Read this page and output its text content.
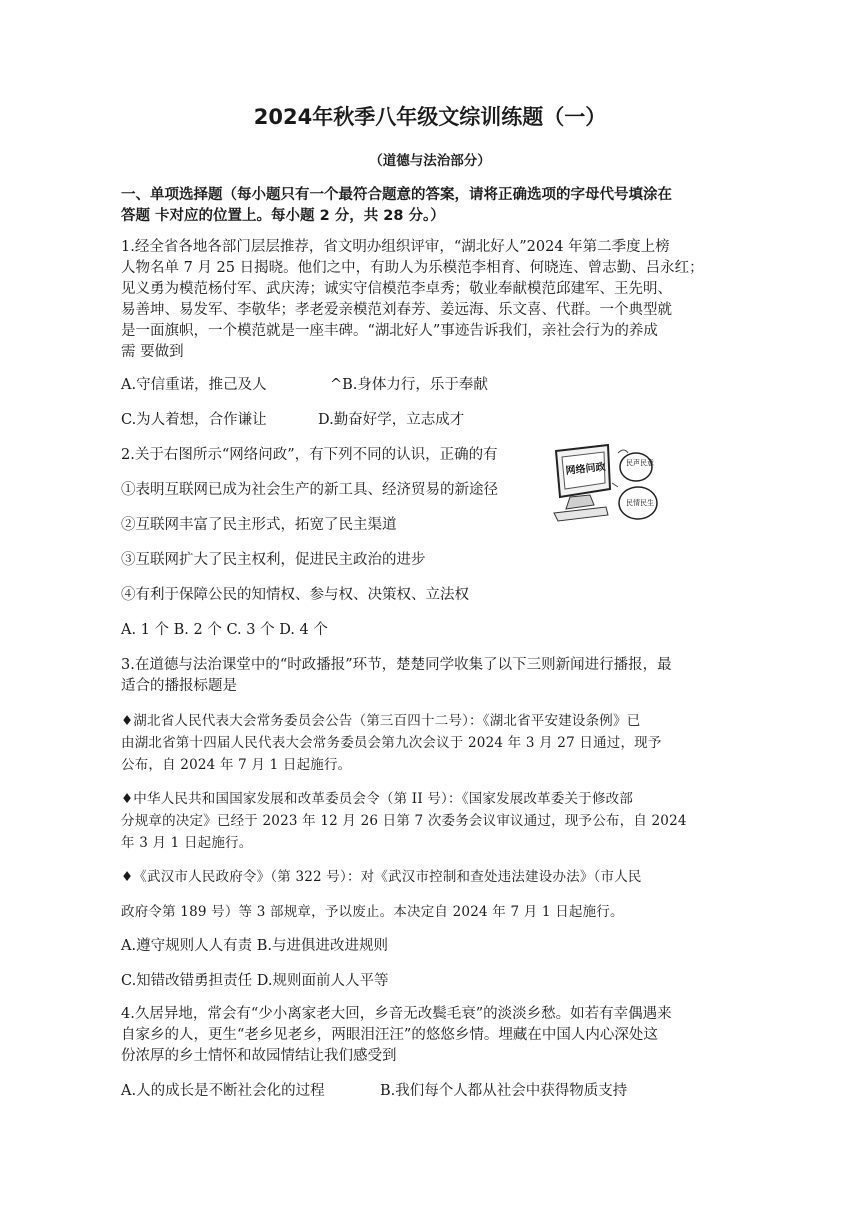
2024年秋季八年级文综训练题（一）
（道德与法治部分）
一、单项选择题（每小题只有一个最符合题意的答案，请将正确选项的字母代号填涂在
答题 卡对应的位置上。每小题 2 分，共 28 分。）
1.经全省各地各部门层层推荐，省文明办组织评审，“湖北好人”2024 年第二季度上榜
人物名单 7 月 25 日揭晓。他们之中，有助人为乐模范李相育、何晓连、曾志勤、吕永红；
见义勇为模范杨付军、武庆涛；诚实守信模范李卓秀；敬业奉献模范邱建军、王先明、
易善坤、易发军、李敬华；孝老爱亲模范刘春芳、姜远海、乐文喜、代群。一个典型就
是一面旗帜，一个模范就是一座丰碑。“湖北好人”事迹告诉我们，亲社会行为的养成
需 要做到
A.守信重诺，推己及人	^B.身体力行，乐于奉献
C.为人着想，合作谦让	D.勤奋好学，立志成才
2.关于右图所示“网络问政”，有下列不同的认识，正确的有
①表明互联网已成为社会生产的新工具、经济贸易的新途径
②互联网丰富了民主形式，拓宽了民主渠道
③互联网扩大了民主权利，促进民主政治的进步
④有利于保障公民的知情权、参与权、决策权、立法权
A. 1 个 B. 2 个 C. 3 个 D. 4 个
网络问政	民声民意
民情民生
3.在道德与法治课堂中的“时政播报”环节，楚楚同学收集了以下三则新闻进行播报，最
适合的播报标题是
♦湖北省人民代表大会常务委员会公告（第三百四十二号）：《湖北省平安建设条例》已
由湖北省第十四届人民代表大会常务委员会第九次会议于 2024 年 3 月 27 日通过，现予
公布，自 2024 年 7 月 1 日起施行。
♦中华人民共和国国家发展和改革委员会令（第 II 号）：《国家发展改革委关于修改部
分规章的决定》已经于 2023 年 12 月 26 日第 7 次委务会议审议通过，现予公布，自 2024
年 3 月 1 日起施行。
♦《武汉市人民政府令》（第 322 号）：对《武汉市控制和查处违法建设办法》（市人民
政府令第 189 号）等 3 部规章，予以废止。本决定自 2024 年 7 月 1 日起施行。
A.遵守规则人人有责 B.与进俱进改进规则
C.知错改错勇担责任 D.规则面前人人平等
4.久居异地，常会有“少小离家老大回，乡音无改鬓毛衰”的淡淡乡愁。如若有幸偶遇来
自家乡的人，更生“老乡见老乡，两眼泪汪汪”的悠悠乡情。埋藏在中国人内心深处这
份浓厚的乡土情怀和故园情结让我们感受到
A.人的成长是不断社会化的过程	B.我们每个人都从社会中获得物质支持
